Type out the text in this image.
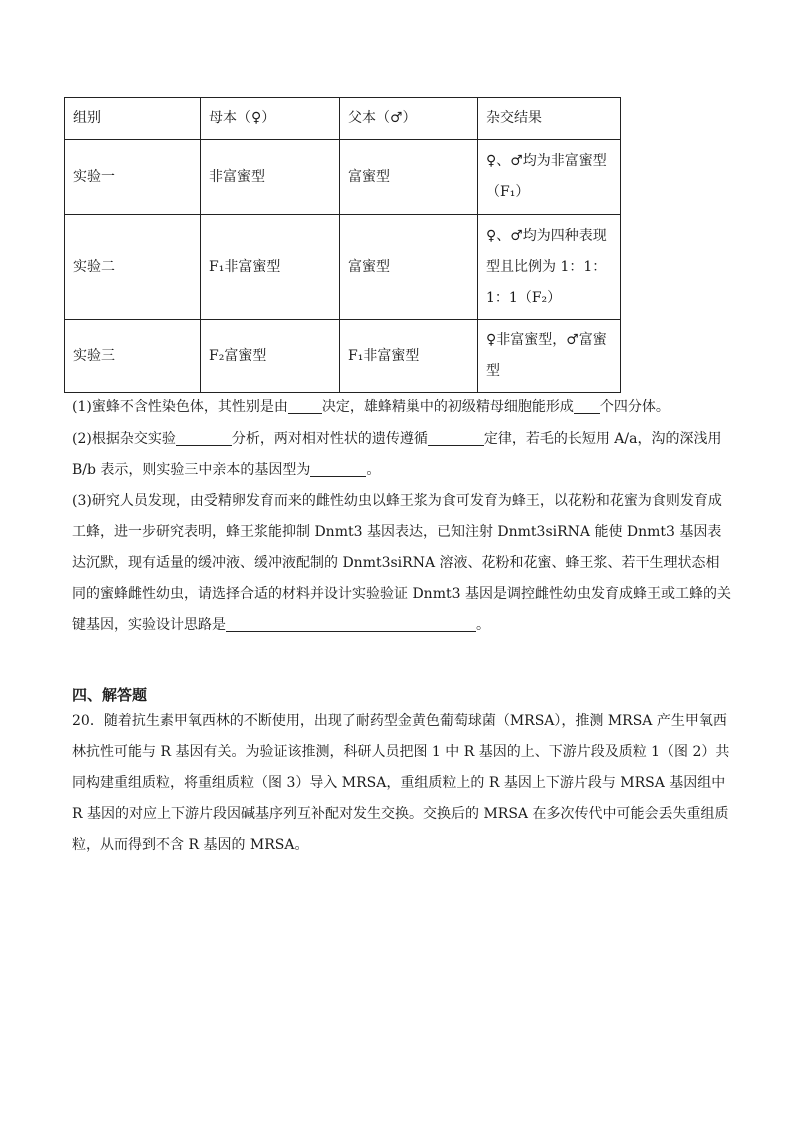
组别	母本（♀）	父本（♂）	杂交结果
实验一	非富蜜型	富蜜型	♀、♂均为非富蜜型（F₁）
实验二	F₁非富蜜型	富蜜型	♀、♂均为四种表现型且比例为 1：1：1：1（F₂）
实验三	F₂富蜜型	F₁非富蜜型	♀非富蜜型，♂富蜜型
(1)蜜蜂不含性染色体，其性别是由 决定，雄蜂精巢中的初级精母细胞能形成 个四分体。
(2)根据杂交实验	分析，两对相对性状的遗传遵循	定律，若毛的长短用 A/a，沟的深浅用 B/b 表示，则实验三中亲本的基因型为	。
(3)研究人员发现，由受精卵发育而来的雌性幼虫以蜂王浆为食可发育为蜂王，以花粉和花蜜为食则发育成工蜂，进一步研究表明，蜂王浆能抑制 Dnmt3 基因表达，已知注射 Dnmt3siRNA 能使 Dnmt3 基因表达沉默，现有适量的缓冲液、缓冲液配制的 Dnmt3siRNA 溶液、花粉和花蜜、蜂王浆、若干生理状态相同的蜜蜂雌性幼虫，请选择合适的材料并设计实验验证 Dnmt3 基因是调控雌性幼虫发育成蜂王或工蜂的关键基因，实验设计思路是	。
四、解答题
20．随着抗生素甲氧西林的不断使用，出现了耐药型金黄色葡萄球菌（MRSA），推测 MRSA 产生甲氧西林抗性可能与 R 基因有关。为验证该推测，科研人员把图 1 中 R 基因的上、下游片段及质粒 1（图 2）共同构建重组质粒，将重组质粒（图 3）导入 MRSA，重组质粒上的 R 基因上下游片段与 MRSA 基因组中 R 基因的对应上下游片段因碱基序列互补配对发生交换。交换后的 MRSA 在多次传代中可能会丢失重组质粒，从而得到不含 R 基因的 MRSA。
